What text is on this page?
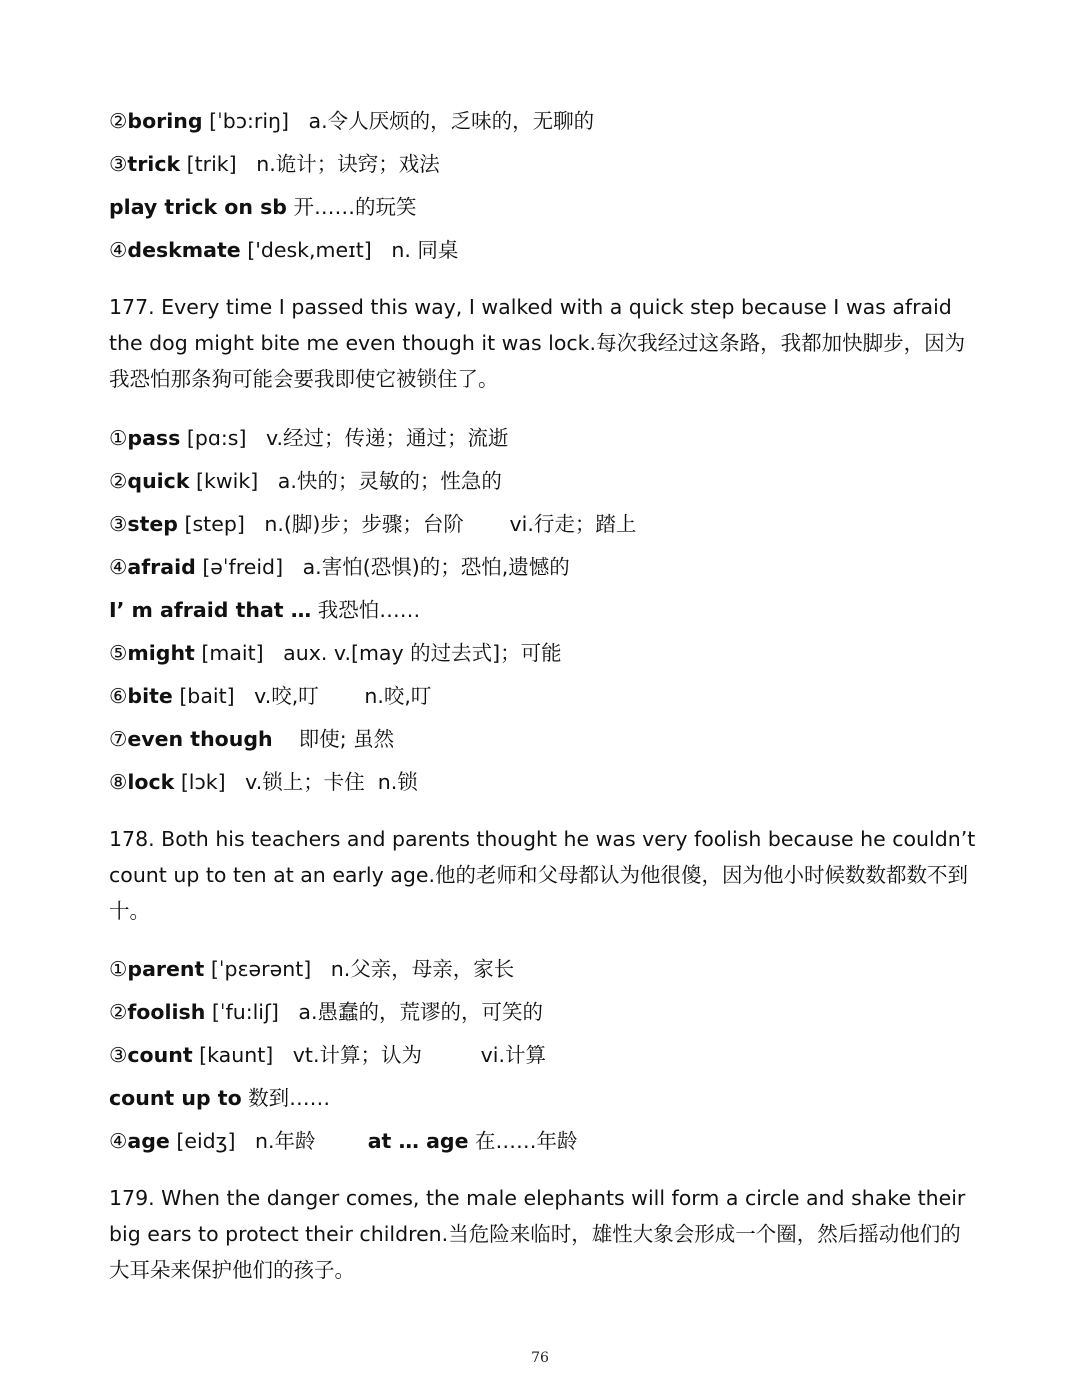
②boring [ˈbɔ:riŋ]   a.令人厌烦的，乏味的，无聊的
③trick [trik]   n.诡计；诀窍；戏法
play trick on sb 开……的玩笑
④deskmate ['desk,meɪt]   n. 同桌

177. Every time I passed this way, I walked with a quick step because I was afraid the dog might bite me even though it was lock.每次我经过这条路，我都加快脚步，因为我恐怕那条狗可能会要我即使它被锁住了。

①pass [pɑ:s]   v.经过；传递；通过；流逝
②quick [kwik]   a.快的；灵敏的；性急的
③step [step]   n.(脚)步；步骤；台阶       vi.行走；踏上
④afraid [əˈfreid]   a.害怕(恐惧)的；恐怕,遗憾的
I’ m afraid that … 我恐怕……
⑤might [mait]   aux. v.[may 的过去式]；可能
⑥bite [bait]   v.咬,叮       n.咬,叮
⑦even though    即使; 虽然
⑧lock [lɔk]   v.锁上；卡住  n.锁

178. Both his teachers and parents thought he was very foolish because he couldn’t count up to ten at an early age.他的老师和父母都认为他很傻，因为他小时候数数都数不到十。

①parent [ˈpɛərənt]   n.父亲，母亲，家长
②foolish [ˈfu:liʃ]   a.愚蠢的，荒谬的，可笑的
③count [kaunt]   vt.计算；认为         vi.计算
count up to 数到……
④age [eidʒ]   n.年龄        at … age 在……年龄

179. When the danger comes, the male elephants will form a circle and shake their big ears to protect their children.当危险来临时，雄性大象会形成一个圈，然后摇动他们的大耳朵来保护他们的孩子。

76
